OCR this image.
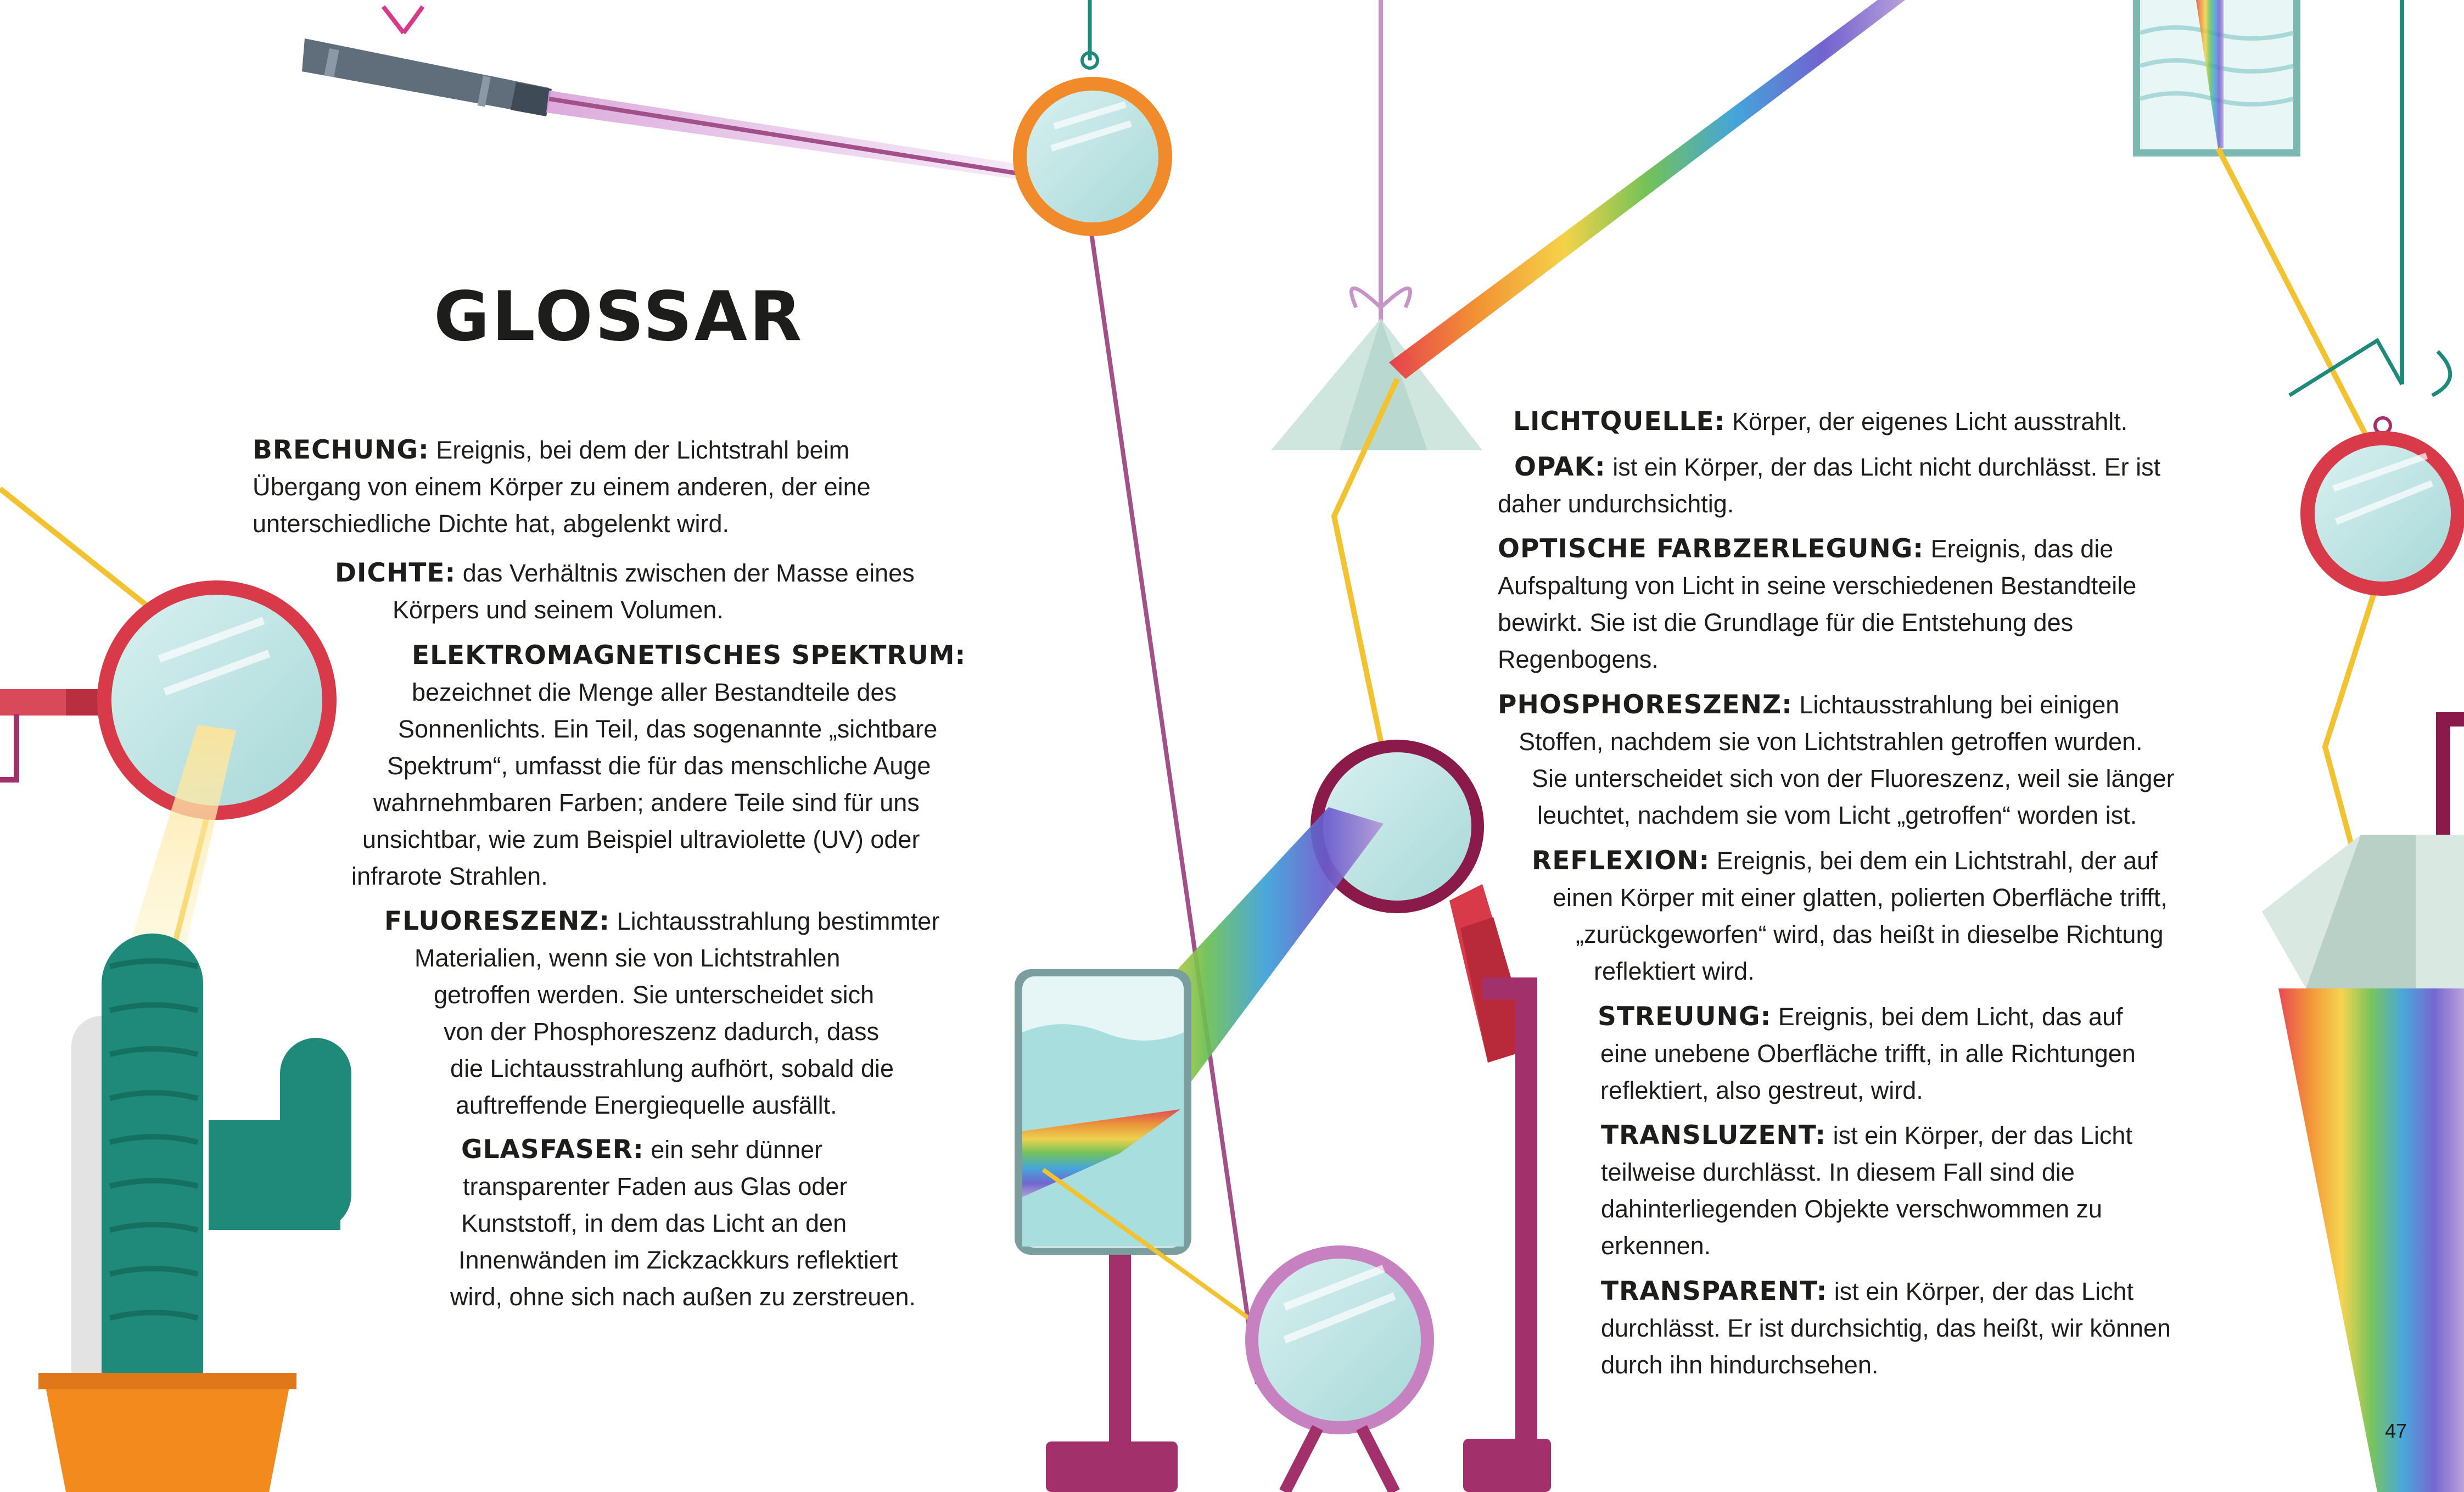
GLOSSAR

BRECHUNG: Ereignis, bei dem der Lichtstrahl beim

Übergang von einem Körper zu einem anderen, der eine

unterschiedliche Dichte hat, abgelenkt wird.

DICHTE: das Verhältnis zwischen der Masse eines

Körpers und seinem Volumen.

ELEKTROMAGNETISCHES SPEKTRUM:

bezeichnet die Menge aller Bestandteile des

Sonnenlichts. Ein Teil, das sogenannte „sichtbare

Spektrum“, umfasst die für das menschliche Auge

wahrnehmbaren Farben; andere Teile sind für uns

unsichtbar, wie zum Beispiel ultraviolette (UV) oder

infrarote Strahlen.

FLUORESZENZ: Lichtausstrahlung bestimmter

Materialien, wenn sie von Lichtstrahlen

getroffen werden. Sie unterscheidet sich

von der Phosphoreszenz dadurch, dass

die Lichtausstrahlung aufhört, sobald die

auftreffende Energiequelle ausfällt.

GLASFASER: ein sehr dünner

transparenter Faden aus Glas oder

Kunststoff, in dem das Licht an den

Innenwänden im Zickzackkurs reflektiert

wird, ohne sich nach außen zu zerstreuen.

LICHTQUELLE: Körper, der eigenes Licht ausstrahlt.

OPAK: ist ein Körper, der das Licht nicht durchlässt. Er ist

daher undurchsichtig.

OPTISCHE FARBZERLEGUNG: Ereignis, das die

Aufspaltung von Licht in seine verschiedenen Bestandteile

bewirkt. Sie ist die Grundlage für die Entstehung des

Regenbogens.

PHOSPHORESZENZ: Lichtausstrahlung bei einigen

Stoffen, nachdem sie von Lichtstrahlen getroffen wurden.

Sie unterscheidet sich von der Fluoreszenz, weil sie länger

leuchtet, nachdem sie vom Licht „getroffen“ worden ist.

REFLEXION: Ereignis, bei dem ein Lichtstrahl, der auf

einen Körper mit einer glatten, polierten Oberfläche trifft,

„zurückgeworfen“ wird, das heißt in dieselbe Richtung

reflektiert wird.

STREUUNG: Ereignis, bei dem Licht, das auf

eine unebene Oberfläche trifft, in alle Richtungen

reflektiert, also gestreut, wird.

TRANSLUZENT: ist ein Körper, der das Licht

teilweise durchlässt. In diesem Fall sind die

dahinterliegenden Objekte verschwommen zu

erkennen.

TRANSPARENT: ist ein Körper, der das Licht

durchlässt. Er ist durchsichtig, das heißt, wir können

durch ihn hindurchsehen.

47
